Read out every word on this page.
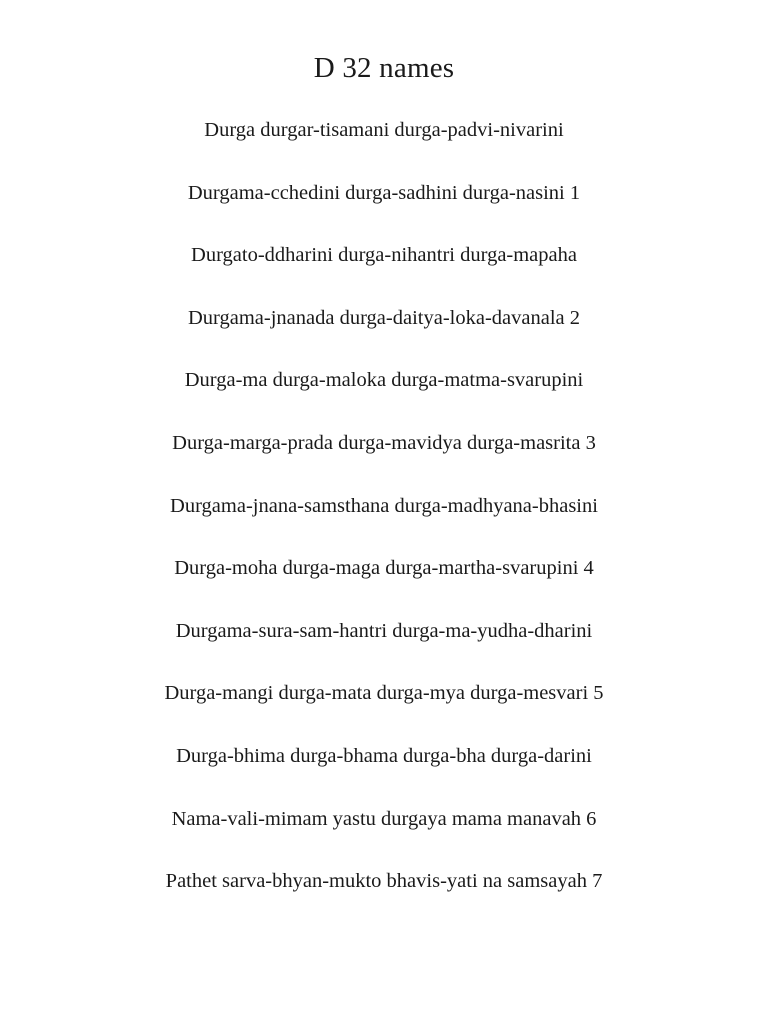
D 32 names
Durga durgar-tisamani durga-padvi-nivarini
Durgama-cchedini durga-sadhini durga-nasini 1
Durgato-ddharini durga-nihantri durga-mapaha
Durgama-jnanada durga-daitya-loka-davanala 2
Durga-ma durga-maloka durga-matma-svarupini
Durga-marga-prada durga-mavidya durga-masrita 3
Durgama-jnana-samsthana durga-madhyana-bhasini
Durga-moha durga-maga durga-martha-svarupini 4
Durgama-sura-sam-hantri durga-ma-yudha-dharini
Durga-mangi durga-mata durga-mya durga-mesvari 5
Durga-bhima durga-bhama durga-bha durga-darini
Nama-vali-mimam yastu durgaya mama manavah 6
Pathet sarva-bhyan-mukto bhavis-yati na samsayah 7
